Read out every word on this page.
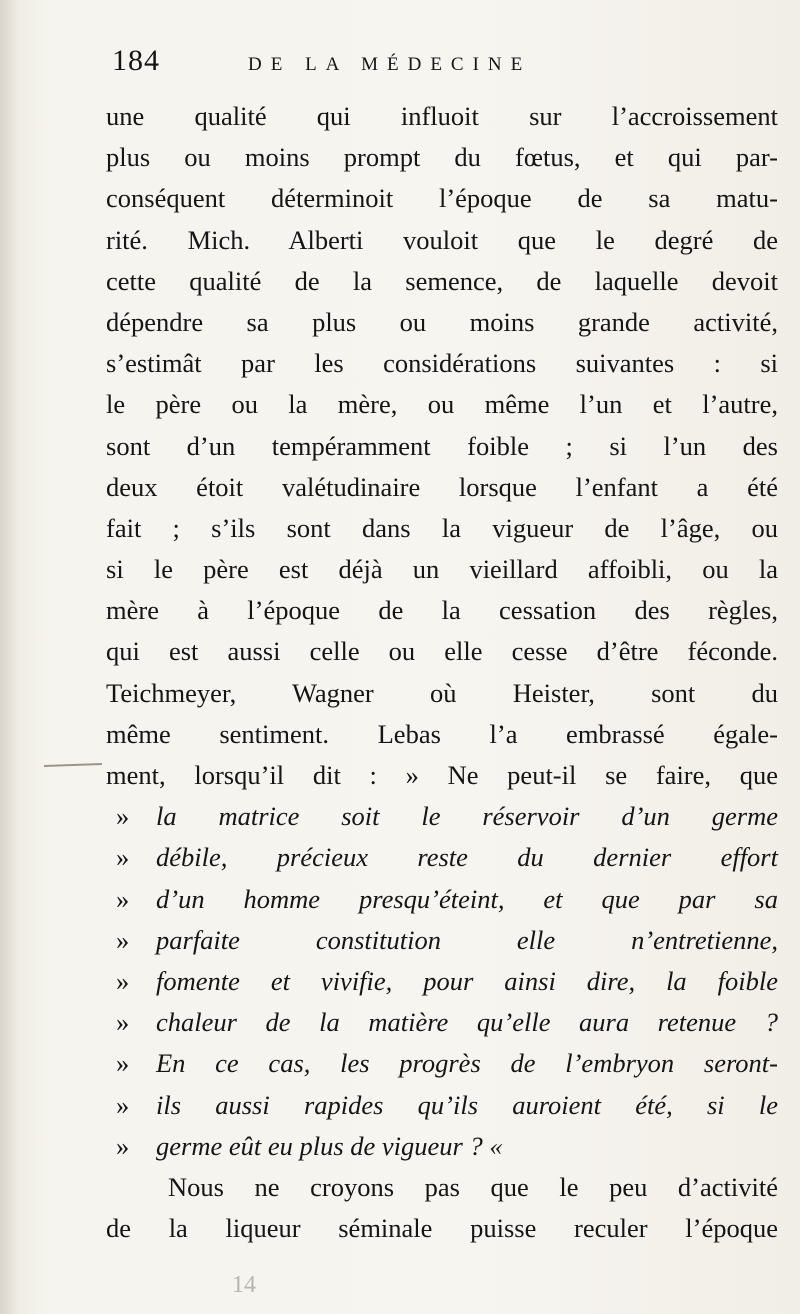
184	DE LA MÉDECINE
une qualité qui influoit sur l’accroissement
plus ou moins prompt du fœtus, et qui par-
conséquent déterminoit l’époque de sa matu-
rité. Mich. Alberti vouloit que le degré de
cette qualité de la semence, de laquelle devoit
dépendre sa plus ou moins grande activité,
s’estimât par les considérations suivantes : si
le père ou la mère, ou même l’un et l’autre,
sont d’un tempéramment foible ; si l’un des
deux étoit valétudinaire lorsque l’enfant a été
fait ; s’ils sont dans la vigueur de l’âge, ou
si le père est déjà un vieillard affoibli, ou la
mère à l’époque de la cessation des règles,
qui est aussi celle ou elle cesse d’être féconde.
Teichmeyer, Wagner où Heister, sont du
même sentiment. Lebas l’a embrassé égale-
ment, lorsqu’il dit : » Ne peut-il se faire, que
» la matrice soit le réservoir d’un germe
» débile, précieux reste du dernier effort
» d’un homme presqu’éteint, et que par sa
» parfaite constitution elle n’entretienne,
» fomente et vivifie, pour ainsi dire, la foible
» chaleur de la matière qu’elle aura retenue ?
» En ce cas, les progrès de l’embryon seront-
» ils aussi rapides qu’ils auroient été, si le
» germe eût eu plus de vigueur ? «
Nous ne croyons pas que le peu d’activité
de la liqueur séminale puisse reculer l’époque
14
